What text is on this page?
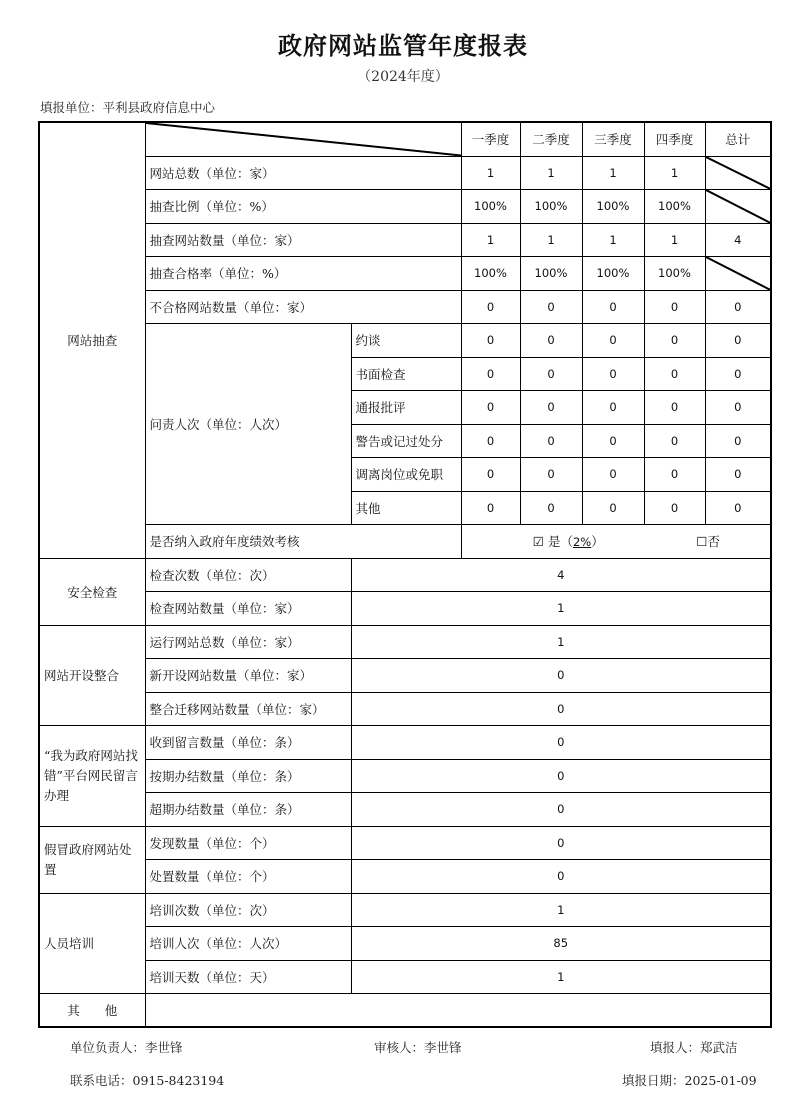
政府网站监管年度报表
（2024年度）
填报单位：平利县政府信息中心
网站抽查			一季度	二季度	三季度	四季度	总计
	网站总数（单位：家）		1	1	1	1	

	抽查比例（单位：%）		100%	100%	100%	100%	

	抽查网站数量（单位：家）		1	1	1	1	4
	抽查合格率（单位：%）		100%	100%	100%	100%	

	不合格网站数量（单位：家）		0	0	0	0	0
	问责人次（单位：人次）	约谈	0	0	0	0	0
		书面检查	0	0	0	0	0
		通报批评	0	0	0	0	0
		警告或记过处分	0	0	0	0	0
		调离岗位或免职	0	0	0	0	0
		其他	0	0	0	0	0
	是否纳入政府年度绩效考核		☑ 是（2%） ☐否				
安全检查	检查次数（单位：次）	4					
	检查网站数量（单位：家）	1					
网站开设整合	运行网站总数（单位：家）	1					
	新开设网站数量（单位：家）	0					
	整合迁移网站数量（单位：家）	0					
“我为政府网站找错”平台网民留言办理	收到留言数量（单位：条）	0					
	按期办结数量（单位：条）	0					
	超期办结数量（单位：条）	0					
假冒政府网站处置	发现数量（单位：个）	0					
	处置数量（单位：个）	0					
人员培训	培训次数（单位：次）	1					
	培训人次（单位：人次）	85					
	培训天数（单位：天）	1					
其　　他							
单位负责人：李世锋	审核人：李世锋	填报人：郑武洁
联系电话：0915-8423194	填报日期：2025-01-09
